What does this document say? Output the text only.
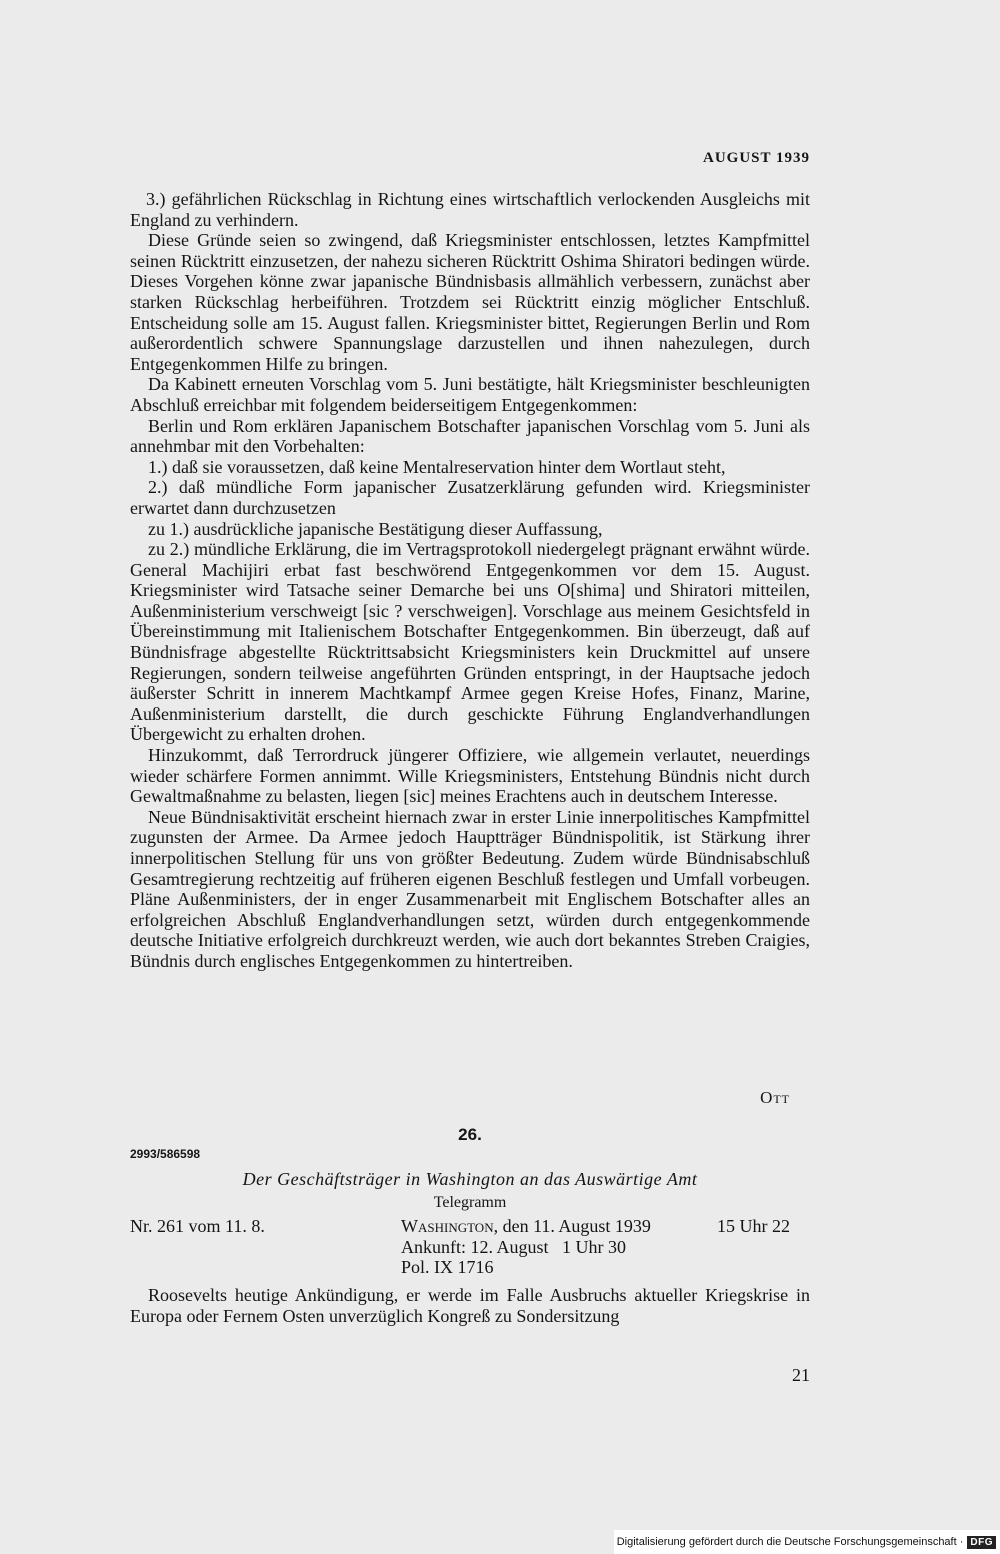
AUGUST 1939

3.) gefährlichen Rückschlag in Richtung eines wirtschaftlich verlockenden Ausgleichs mit England zu verhindern.

Diese Gründe seien so zwingend, daß Kriegsminister entschlossen, letztes Kampfmittel seinen Rücktritt einzusetzen, der nahezu sicheren Rücktritt Oshima Shiratori bedingen würde. Dieses Vorgehen könne zwar japanische Bündnisbasis allmählich verbessern, zunächst aber starken Rückschlag herbeiführen. Trotzdem sei Rücktritt einzig möglicher Entschluß. Entscheidung solle am 15. August fallen. Kriegsminister bittet, Regierungen Berlin und Rom außerordentlich schwere Spannungslage darzustellen und ihnen nahezulegen, durch Entgegenkommen Hilfe zu bringen.

Da Kabinett erneuten Vorschlag vom 5. Juni bestätigte, hält Kriegsminister beschleunigten Abschluß erreichbar mit folgendem beiderseitigem Entgegenkommen:

Berlin und Rom erklären Japanischem Botschafter japanischen Vorschlag vom 5. Juni als annehmbar mit den Vorbehalten:

1.) daß sie voraussetzen, daß keine Mentalreservation hinter dem Wortlaut steht,

2.) daß mündliche Form japanischer Zusatzerklärung gefunden wird. Kriegsminister erwartet dann durchzusetzen

zu 1.) ausdrückliche japanische Bestätigung dieser Auffassung,

zu 2.) mündliche Erklärung, die im Vertragsprotokoll niedergelegt prägnant erwähnt würde. General Machijiri erbat fast beschwörend Entgegenkommen vor dem 15. August. Kriegsminister wird Tatsache seiner Demarche bei uns O[shima] und Shiratori mitteilen, Außenministerium verschweigt [sic ? verschweigen]. Vorschlage aus meinem Gesichtsfeld in Übereinstimmung mit Italienischem Botschafter Entgegenkommen. Bin überzeugt, daß auf Bündnisfrage abgestellte Rücktrittsabsicht Kriegsministers kein Druckmittel auf unsere Regierungen, sondern teilweise angeführten Gründen entspringt, in der Hauptsache jedoch äußerster Schritt in innerem Machtkampf Armee gegen Kreise Hofes, Finanz, Marine, Außenministerium darstellt, die durch geschickte Führung Englandverhandlungen Übergewicht zu erhalten drohen.

Hinzukommt, daß Terrordruck jüngerer Offiziere, wie allgemein verlautet, neuerdings wieder schärfere Formen annimmt. Wille Kriegsministers, Entstehung Bündnis nicht durch Gewaltmaßnahme zu belasten, liegen [sic] meines Erachtens auch in deutschem Interesse.

Neue Bündnisaktivität erscheint hiernach zwar in erster Linie innerpolitisches Kampfmittel zugunsten der Armee. Da Armee jedoch Hauptträger Bündnispolitik, ist Stärkung ihrer innerpolitischen Stellung für uns von größter Bedeutung. Zudem würde Bündnisabschluß Gesamtregierung rechtzeitig auf früheren eigenen Beschluß festlegen und Umfall vorbeugen. Pläne Außenministers, der in enger Zusammenarbeit mit Englischem Botschafter alles an erfolgreichen Abschluß Englandverhandlungen setzt, würden durch entgegenkommende deutsche Initiative erfolgreich durchkreuzt werden, wie auch dort bekanntes Streben Craigies, Bündnis durch englisches Entgegenkommen zu hintertreiben.

Ott
26.
2993/586598
Der Geschäftsträger in Washington an das Auswärtige Amt
Telegramm
Nr. 261 vom 11. 8.	Washington, den 11. August 1939
Ankunft: 12. August   1 Uhr 30
Pol. IX 1716
15 Uhr 22

Roosevelts heutige Ankündigung, er werde im Falle Ausbruchs aktueller Kriegskrise in Europa oder Fernem Osten unverzüglich Kongreß zu Sondersitzung

21
Digitalisierung gefördert durch die Deutsche Forschungsgemeinschaft · DFG
